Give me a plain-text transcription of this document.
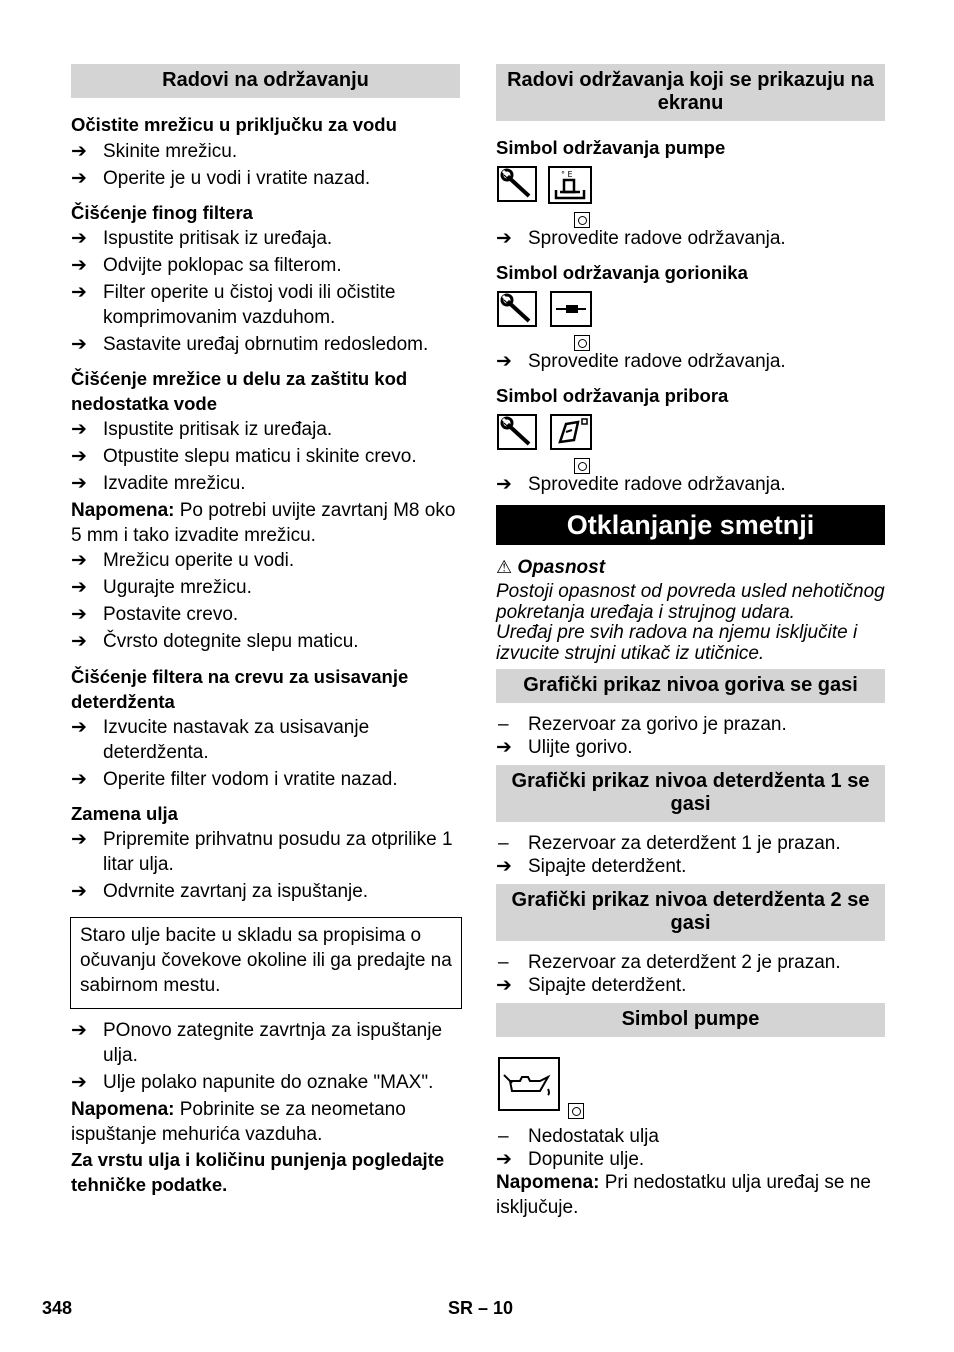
Radovi na održavanju
Očistite mrežicu u priključku za vodu
➔ Skinite mrežicu.
➔ Operite je u vodi i vratite nazad.
Čišćenje finog filtera
➔ Ispustite pritisak iz uređaja.
➔ Odvijte poklopac sa filterom.
➔ Filter operite u čistoj vodi ili očistite komprimovanim vazduhom.
➔ Sastavite uređaj obrnutim redosledom.
Čišćenje mrežice u delu za zaštitu kod nedostatka vode
➔ Ispustite pritisak iz uređaja.
➔ Otpustite slepu maticu i skinite crevo.
➔ Izvadite mrežicu.
Napomena: Po potrebi uvijte zavrtanj M8 oko 5 mm i tako izvadite mrežicu.
➔ Mrežicu operite u vodi.
➔ Ugurajte mrežicu.
➔ Postavite crevo.
➔ Čvrsto dotegnite slepu maticu.
Čišćenje filtera na crevu za usisavanje deterdženta
➔ Izvucite nastavak za usisavanje deterdženta.
➔ Operite filter vodom i vratite nazad.
Zamena ulja
➔ Pripremite prihvatnu posudu za otprilike 1 litar ulja.
➔ Odvrnite zavrtanj za ispuštanje.
Staro ulje bacite u skladu sa propisima o očuvanju čovekove okoline ili ga predajte na sabirnom mestu.
➔ POnovo zategnite zavrtnja za ispuštanje ulja.
➔ Ulje polako napunite do oznake "MAX".
Napomena: Pobrinite se za neometano ispuštanje mehurića vazduha.
Za vrstu ulja i količinu punjenja pogledajte tehničke podatke.
Radovi održavanja koji se prikazuju na ekranu
Simbol održavanja pumpe
° E
➔ Sprovedite radove održavanja.
Simbol održavanja gorionika
➔ Sprovedite radove održavanja.
Simbol održavanja pribora
➔ Sprovedite radove održavanja.
Otklanjanje smetnji
⚠ Opasnost
Postoji opasnost od povreda usled nehotičnog pokretanja uređaja i strujnog udara.
Uređaj pre svih radova na njemu isključite i izvucite strujni utikač iz utičnice.
Grafički prikaz nivoa goriva se gasi
– Rezervoar za gorivo je prazan.
➔ Ulijte gorivo.
Grafički prikaz nivoa deterdženta 1 se gasi
– Rezervoar za deterdžent 1 je prazan.
➔ Sipajte deterdžent.
Grafički prikaz nivoa deterdženta 2 se gasi
– Rezervoar za deterdžent 2 je prazan.
➔ Sipajte deterdžent.
Simbol pumpe
– Nedostatak ulja
➔ Dopunite ulje.
Napomena: Pri nedostatku ulja uređaj se ne isključuje.
348	SR – 10
